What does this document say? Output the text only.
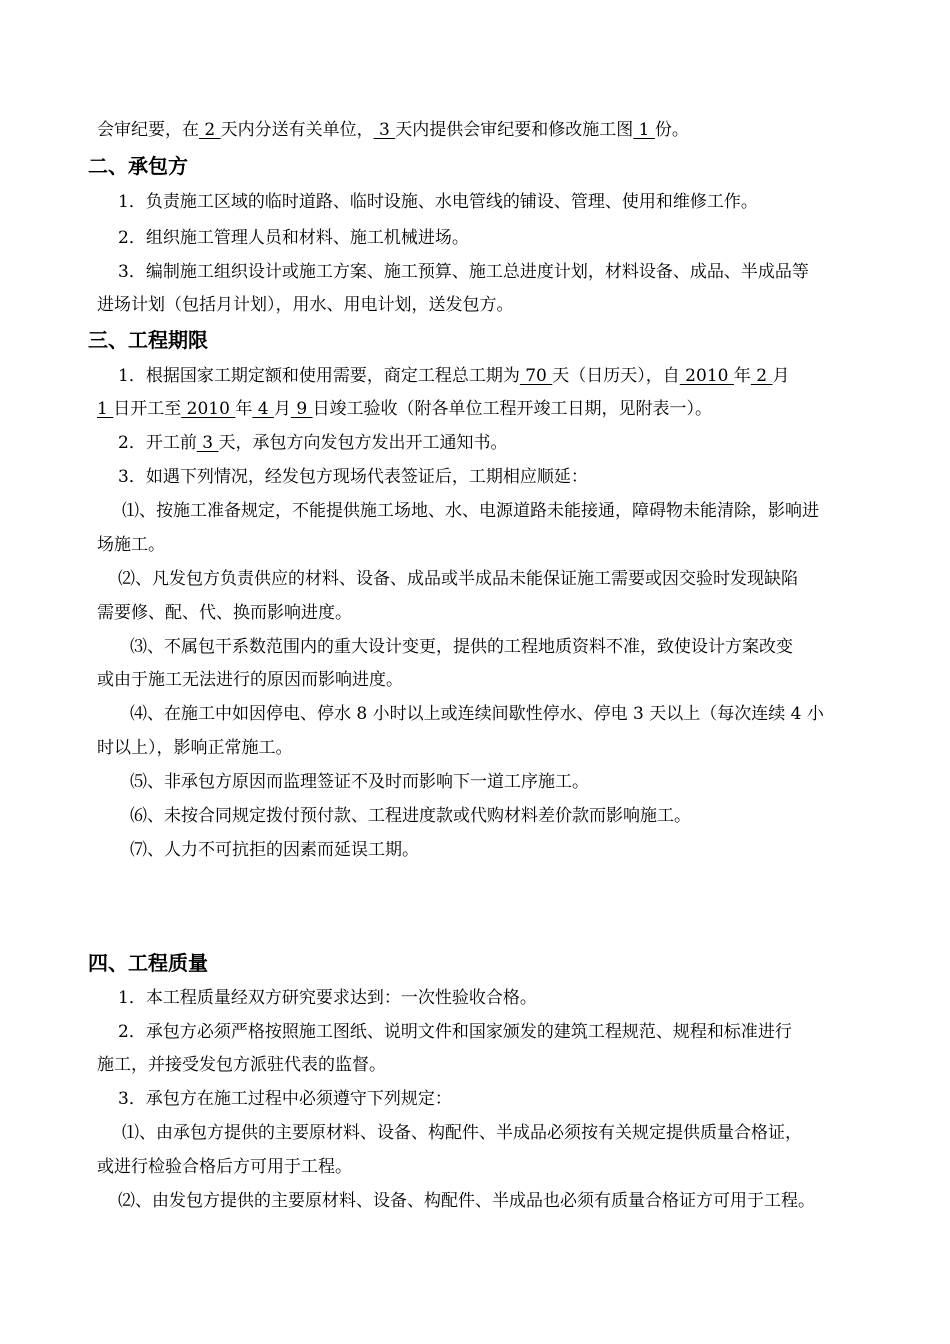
会审纪要，在 2 天内分送有关单位， 3 天内提供会审纪要和修改施工图 1 份。
二、承包方
1．负责施工区域的临时道路、临时设施、水电管线的铺设、管理、使用和维修工作。
2．组织施工管理人员和材料、施工机械进场。
3．编制施工组织设计或施工方案、施工预算、施工总进度计划，材料设备、成品、半成品等
进场计划（包括月计划），用水、用电计划，送发包方。
三、工程期限
1．根据国家工期定额和使用需要，商定工程总工期为 70 天（日历天），自 2010 年 2 月
1 日开工至 2010 年 4 月 9 日竣工验收（附各单位工程开竣工日期，见附表一）。
2．开工前 3 天，承包方向发包方发出开工通知书。
3．如遇下列情况，经发包方现场代表签证后，工期相应顺延：
⑴、按施工准备规定，不能提供施工场地、水、电源道路未能接通，障碍物未能清除，影响进
场施工。
⑵、凡发包方负责供应的材料、设备、成品或半成品未能保证施工需要或因交验时发现缺陷
需要修、配、代、换而影响进度。
⑶、不属包干系数范围内的重大设计变更，提供的工程地质资料不准，致使设计方案改变
或由于施工无法进行的原因而影响进度。
⑷、在施工中如因停电、停水 8 小时以上或连续间歇性停水、停电 3 天以上（每次连续 4 小
时以上），影响正常施工。
⑸、非承包方原因而监理签证不及时而影响下一道工序施工。
⑹、未按合同规定拨付预付款、工程进度款或代购材料差价款而影响施工。
⑺、人力不可抗拒的因素而延误工期。
四、工程质量
1．本工程质量经双方研究要求达到：一次性验收合格。
2．承包方必须严格按照施工图纸、说明文件和国家颁发的建筑工程规范、规程和标准进行
施工，并接受发包方派驻代表的监督。
3．承包方在施工过程中必须遵守下列规定：
⑴、由承包方提供的主要原材料、设备、构配件、半成品必须按有关规定提供质量合格证，
或进行检验合格后方可用于工程。
⑵、由发包方提供的主要原材料、设备、构配件、半成品也必须有质量合格证方可用于工程。
